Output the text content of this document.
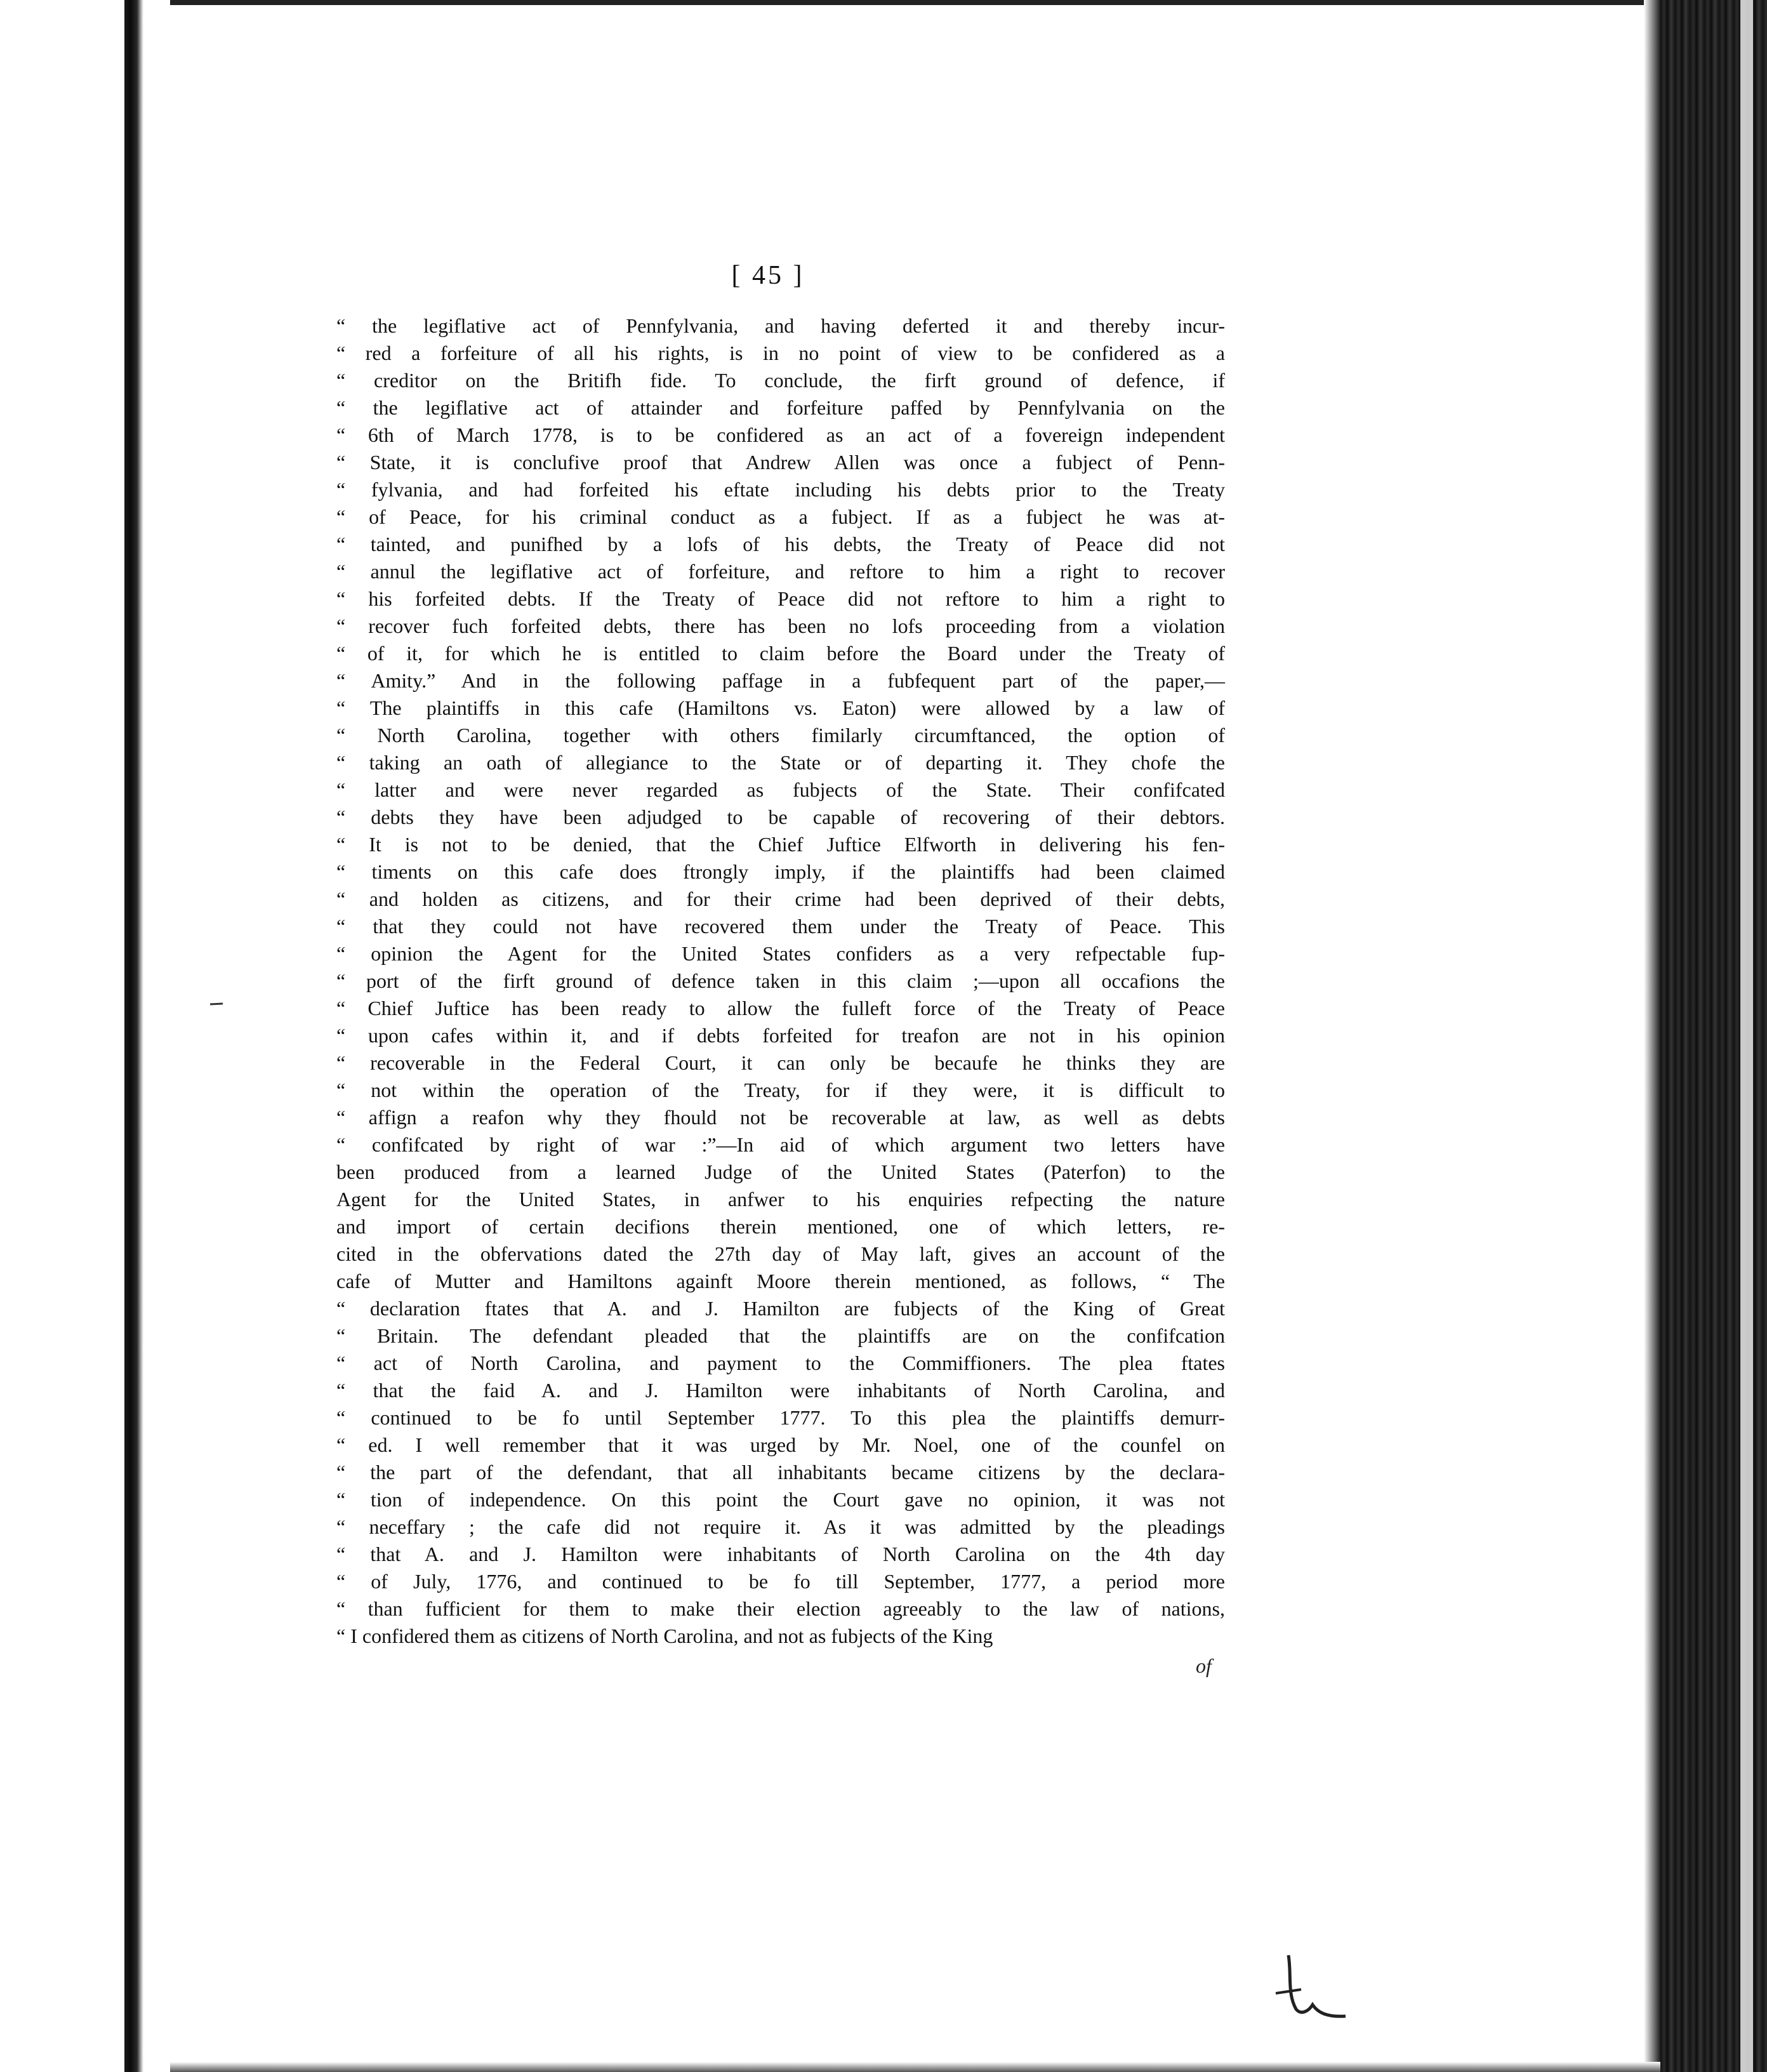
[ 45 ]
“ the legiflative act of Pennfylvania, and having deferted it and thereby incur-
“ red a forfeiture of all his rights, is in no point of view to be confidered as a
“ creditor on the Britifh fide. To conclude, the firft ground of defence, if
“ the legiflative act of attainder and forfeiture paffed by Pennfylvania on the
“ 6th of March 1778, is to be confidered as an act of a fovereign independent
“ State, it is conclufive proof that Andrew Allen was once a fubject of Penn-
“ fylvania, and had forfeited his eftate including his debts prior to the Treaty
“ of Peace, for his criminal conduct as a fubject. If as a fubject he was at-
“ tainted, and punifhed by a lofs of his debts, the Treaty of Peace did not
“ annul the legiflative act of forfeiture, and reftore to him a right to recover
“ his forfeited debts. If the Treaty of Peace did not reftore to him a right to
“ recover fuch forfeited debts, there has been no lofs proceeding from a violation
“ of it, for which he is entitled to claim before the Board under the Treaty of
“ Amity.” And in the following paffage in a fubfequent part of the paper,—
“ The plaintiffs in this cafe (Hamiltons vs. Eaton) were allowed by a law of
“ North Carolina, together with others fimilarly circumftanced, the option of
“ taking an oath of allegiance to the State or of departing it. They chofe the
“ latter and were never regarded as fubjects of the State. Their confifcated
“ debts they have been adjudged to be capable of recovering of their debtors.
“ It is not to be denied, that the Chief Juftice Elfworth in delivering his fen-
“ timents on this cafe does ftrongly imply, if the plaintiffs had been claimed
“ and holden as citizens, and for their crime had been deprived of their debts,
“ that they could not have recovered them under the Treaty of Peace. This
“ opinion the Agent for the United States confiders as a very refpectable fup-
“ port of the firft ground of defence taken in this claim ;—upon all occafions the
“ Chief Juftice has been ready to allow the fulleft force of the Treaty of Peace
“ upon cafes within it, and if debts forfeited for treafon are not in his opinion
“ recoverable in the Federal Court, it can only be becaufe he thinks they are
“ not within the operation of the Treaty, for if they were, it is difficult to
“ affign a reafon why they fhould not be recoverable at law, as well as debts
“ confifcated by right of war :”—In aid of which argument two letters have
been produced from a learned Judge of the United States (Paterfon) to the
Agent for the United States, in anfwer to his enquiries refpecting the nature
and import of certain decifions therein mentioned, one of which letters, re-
cited in the obfervations dated the 27th day of May laft, gives an account of the
cafe of Mutter and Hamiltons againft Moore therein mentioned, as follows, “ The
“ declaration ftates that A. and J. Hamilton are fubjects of the King of Great
“ Britain. The defendant pleaded that the plaintiffs are on the confifcation
“ act of North Carolina, and payment to the Commiffioners. The plea ftates
“ that the faid A. and J. Hamilton were inhabitants of North Carolina, and
“ continued to be fo until September 1777. To this plea the plaintiffs demurr-
“ ed. I well remember that it was urged by Mr. Noel, one of the counfel on
“ the part of the defendant, that all inhabitants became citizens by the declara-
“ tion of independence. On this point the Court gave no opinion, it was not
“ neceffary ; the cafe did not require it. As it was admitted by the pleadings
“ that A. and J. Hamilton were inhabitants of North Carolina on the 4th day
“ of July, 1776, and continued to be fo till September, 1777, a period more
“ than fufficient for them to make their election agreeably to the law of nations,
“ I confidered them as citizens of North Carolina, and not as fubjects of the King
of
